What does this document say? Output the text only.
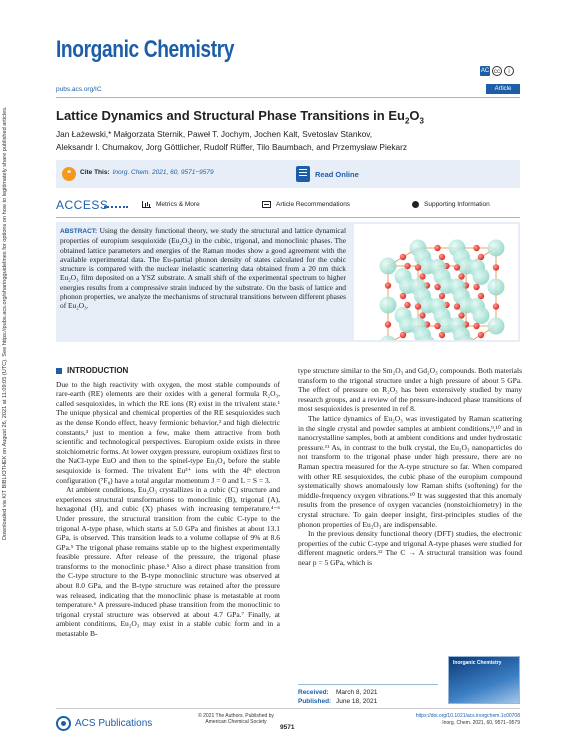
Downloaded via KIT BIBLIOTHEK on August 26, 2021 at 11:09:05 (UTC). See https://pubs.acs.org/sharingguidelines for options on how to legitimately share published articles.
Inorganic Chemistry
AC cc	i
pubs.acs.org/IC	Article
Lattice Dynamics and Structural Phase Transitions in $Eu_2O_3$
Jan Łażewski,* Małgorzata Sternik, Paweł T. Jochym, Jochen Kalt, Svetoslav Stankov,
Aleksandr I. Chumakov, Jorg Göttlicher, Rudolf Rüffer, Tilo Baumbach, and Przemysław Piekarz
❝	Cite This: Inorg. Chem. 2021, 60, 9571−9579	Read Online
ACCESS	Metrics & More	Article Recommendations	Supporting Information

ABSTRACT: Using the density functional theory, we study the structural and lattice dynamical properties of europium sesquioxide (Eu₂O₃) in the cubic, trigonal, and monoclinic phases. The obtained lattice parameters and energies of the Raman modes show a good agreement with the available experimental data. The Eu-partial phonon density of states calculated for the cubic structure is compared with the nuclear inelastic scattering data obtained from a 20 nm thick Eu₂O₃ film deposited on a YSZ substrate. A small shift of the experimental spectrum to higher energies results from a compressive strain induced by the substrate. On the basis of lattice and phonon properties, we analyze the mechanisms of structural transitions between different phases of Eu₂O₃.

INTRODUCTION

Due to the high reactivity with oxygen, the most stable compounds of rare-earth (RE) elements are their oxides with a general formula R₂O₃, called sesquioxides, in which the RE ions (R) exist in the trivalent state.¹ The unique physical and chemical properties of the RE sesquioxides such as the dense Kondo effect, heavy fermionic behavior,² and high dielectric constants,³ just to mention a few, make them attractive from both scientific and technological perspectives. Europium oxide exists in three stoichiometric forms. At lower oxygen pressure, europium oxidizes first to the NaCl-type EuO and then to the spinel-type Eu₃O₄ before the stable sesquioxide is formed. The trivalent Eu³⁺ ions with the 4f⁶ electron configuration (⁷F₀) have a total angular momentum J = 0 and L = S = 3.

At ambient conditions, Eu₂O₃ crystallizes in a cubic (C) structure and experiences structural transformations to monoclinic (B), trigonal (A), hexagonal (H), and cubic (X) phases with increasing temperature.⁴⁻⁶ Under pressure, the structural transition from the cubic C-type to the trigonal A-type phase, which starts at 5.0 GPa and finishes at about 13.1 GPa, is observed. This transition leads to a volume collapse of 9% at 8.6 GPa.⁵ The trigonal phase remains stable up to the highest experimentally feasible pressure. After release of the pressure, the trigonal phase transforms to the monoclinic phase.⁵ Also a direct phase transition from the C-type structure to the B-type monoclinic structure was observed at about 8.0 GPa, and the B-type structure was retained after the pressure was released, indicating that the monoclinic phase is metastable at room temperature.⁶ A pressure-induced phase transition from the monoclinic to trigonal crystal structure was observed at about 4.7 GPa.⁷ Finally, at ambient conditions, Eu₂O₃ may exist in a stable cubic form and in a metastable B-

type structure similar to the Sm₂O₃ and Gd₂O₃ compounds. Both materials transform to the trigonal structure under a high pressure of about 5 GPa. The effect of pressure on R₂O₃ has been extensively studied by many research groups, and a review of the pressure-induced phase transitions of most sesquioxides is presented in ref 8.

The lattice dynamics of Eu₂O₃ was investigated by Raman scattering in the single crystal and powder samples at ambient conditions,⁹,¹⁰ and in nanocrystalline samples, both at ambient conditions and under hydrostatic pressure.¹¹ As, in contrast to the bulk crystal, the Eu₂O₃ nanoparticles do not transform to the trigonal phase under high pressure, there are no Raman spectra measured for the A-type structure so far. When compared with other RE sesquioxides, the cubic phase of the europium compound systematically shows anomalously low Raman shifts (softening) for the middle-frequency oxygen vibrations.¹⁰ It was suggested that this anomaly results from the presence of oxygen vacancies (nonstoichiometry) in the crystal structure. To gain deeper insight, first-principles studies of the phonon properties of Eu₂O₃ are indispensable.

In the previous density functional theory (DFT) studies, the electronic properties of the cubic C-type and trigonal A-type phases were studied for different magnetic orders.¹² The C → A structural transition was found near p = 5 GPa, which is

Received: March 8, 2021
Published: June 18, 2021
Inorganic Chemistry
ACS Publications
© 2021 The Authors. Published by
American Chemical Society
9571
https://doi.org/10.1021/acs.inorgchem.1c00708
Inorg. Chem. 2021, 60, 9571−9579
